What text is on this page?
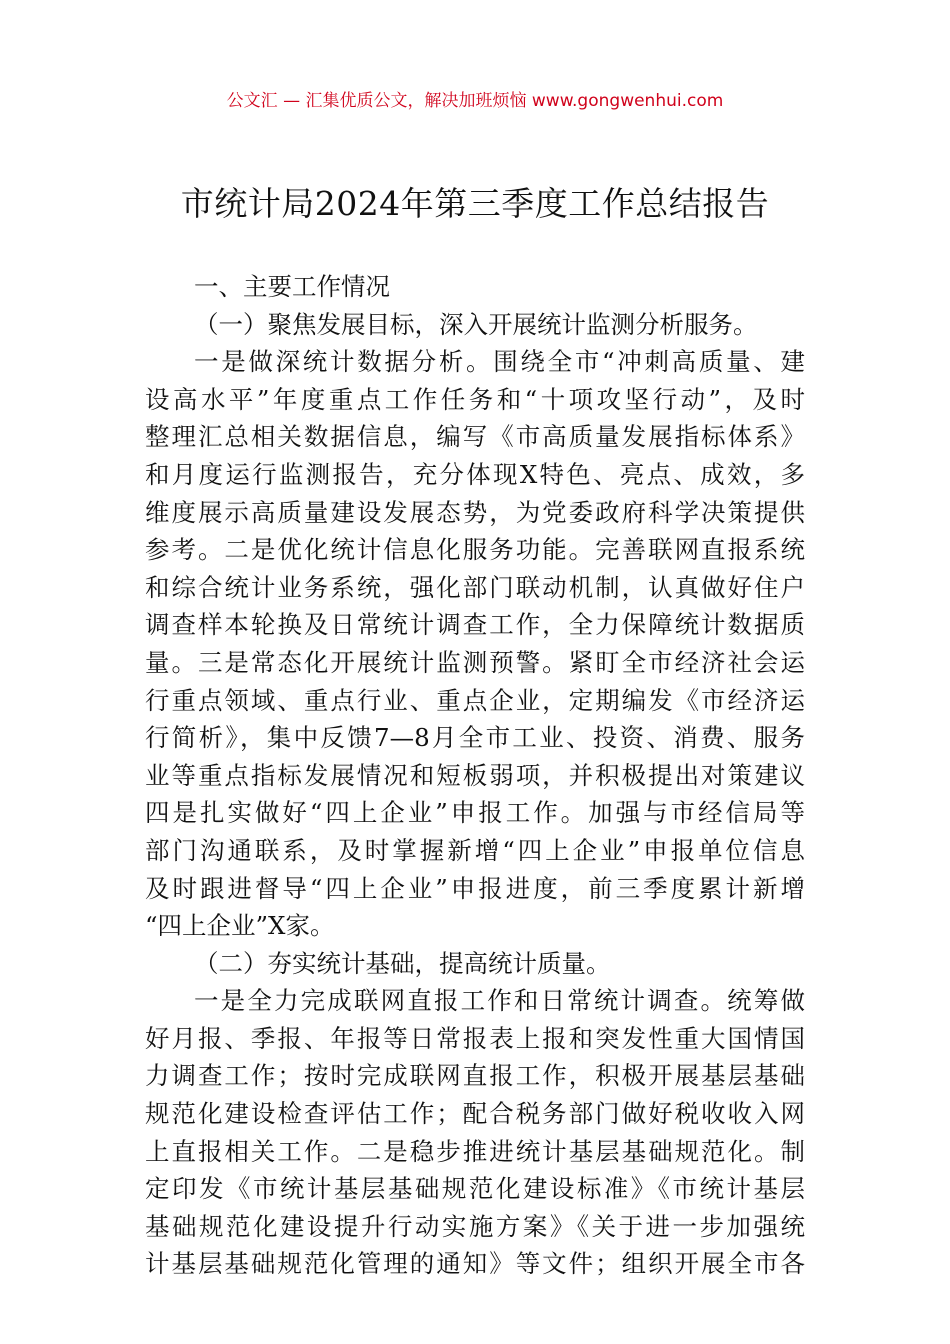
公文汇 — 汇集优质公文，解决加班烦恼 www.gongwenhui.com
市统计局2024年第三季度工作总结报告
一、主要工作情况
（一）聚焦发展目标，深入开展统计监测分析服务。
一是做深统计数据分析。围绕全市“冲刺高质量、建
设高水平”年度重点工作任务和“十项攻坚行动”，及时
整理汇总相关数据信息，编写《市高质量发展指标体系》
和月度运行监测报告，充分体现X特色、亮点、成效，多
维度展示高质量建设发展态势，为党委政府科学决策提供
参考。二是优化统计信息化服务功能。完善联网直报系统
和综合统计业务系统，强化部门联动机制，认真做好住户
调查样本轮换及日常统计调查工作，全力保障统计数据质
量。三是常态化开展统计监测预警。紧盯全市经济社会运
行重点领域、重点行业、重点企业，定期编发《市经济运
行简析》，集中反馈7—8月全市工业、投资、消费、服务
业等重点指标发展情况和短板弱项，并积极提出对策建议
四是扎实做好“四上企业”申报工作。加强与市经信局等
部门沟通联系，及时掌握新增“四上企业”申报单位信息
及时跟进督导“四上企业”申报进度，前三季度累计新增
“四上企业”X家。
（二）夯实统计基础，提高统计质量。
一是全力完成联网直报工作和日常统计调查。统筹做
好月报、季报、年报等日常报表上报和突发性重大国情国
力调查工作；按时完成联网直报工作，积极开展基层基础
规范化建设检查评估工作；配合税务部门做好税收收入网
上直报相关工作。二是稳步推进统计基层基础规范化。制
定印发《市统计基层基础规范化建设标准》《市统计基层
基础规范化建设提升行动实施方案》《关于进一步加强统
计基层基础规范化管理的通知》等文件；组织开展全市各
